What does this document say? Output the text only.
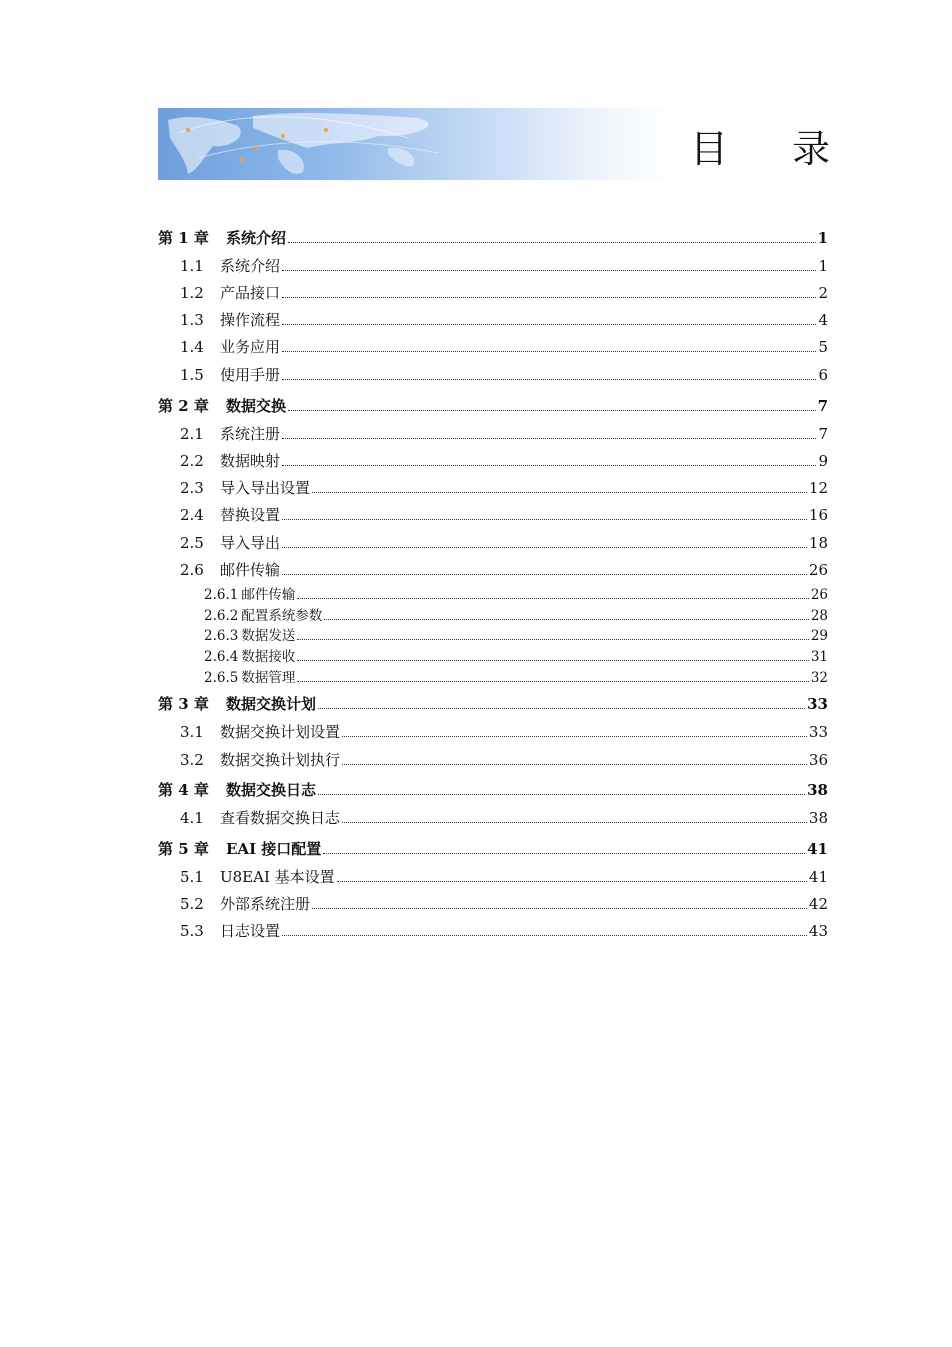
目 录
第 1 章	系统介绍	1
1.1	系统介绍	1
1.2	产品接口	2
1.3	操作流程	4
1.4	业务应用	5
1.5	使用手册	6
第 2 章	数据交换	7
2.1	系统注册	7
2.2	数据映射	9
2.3	导入导出设置	12
2.4	替换设置	16
2.5	导入导出	18
2.6	邮件传输	26
2.6.1 邮件传输	26
2.6.2 配置系统参数	28
2.6.3 数据发送	29
2.6.4 数据接收	31
2.6.5 数据管理	32
第 3 章	数据交换计划	33
3.1	数据交换计划设置	33
3.2	数据交换计划执行	36
第 4 章	数据交换日志	38
4.1	查看数据交换日志	38
第 5 章	EAI 接口配置	41
5.1	U8EAI 基本设置	41
5.2	外部系统注册	42
5.3	日志设置	43
